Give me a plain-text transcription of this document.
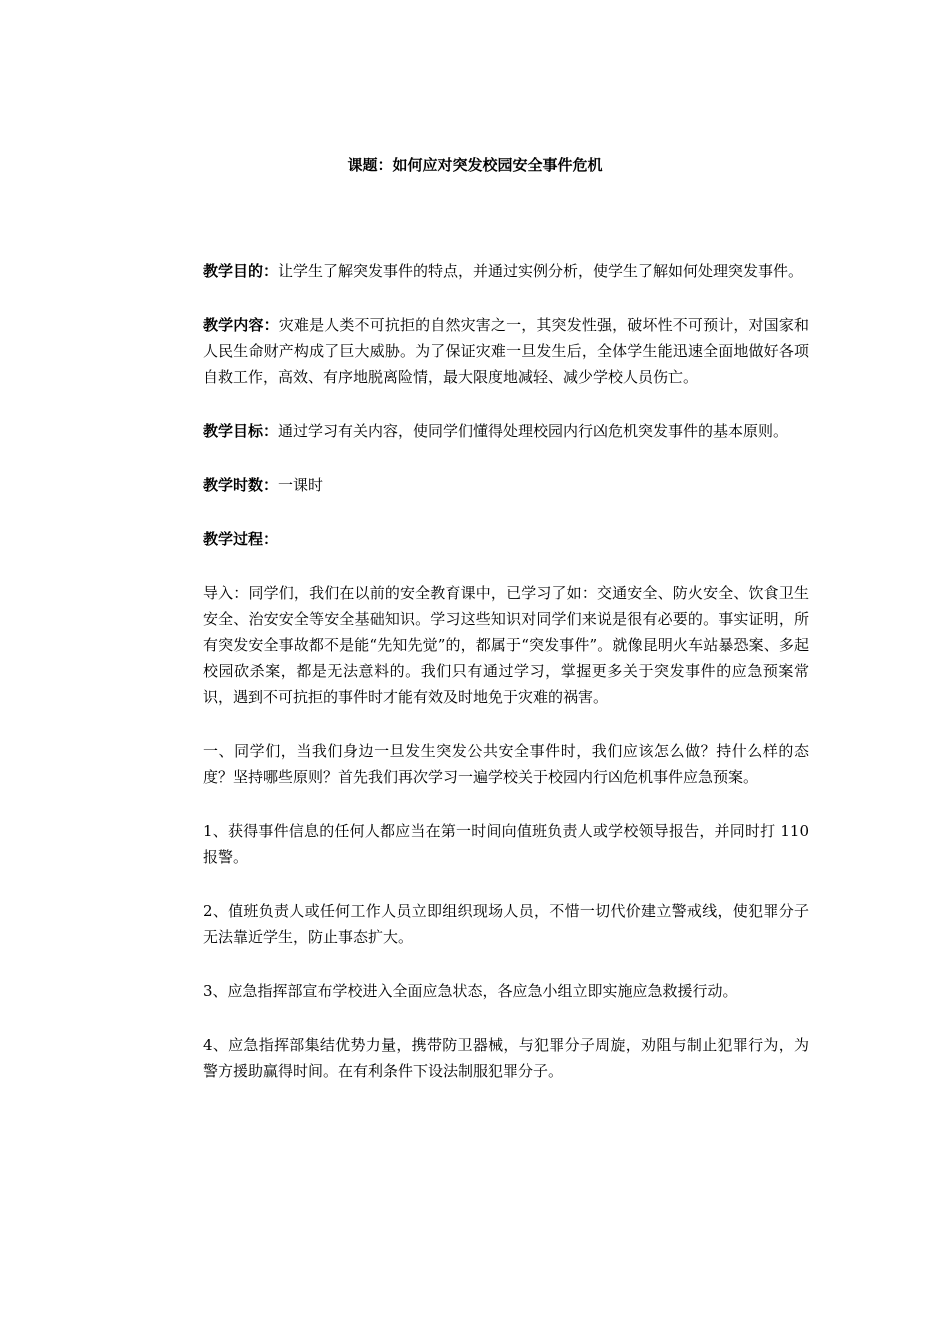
课题：如何应对突发校园安全事件危机

教学目的：让学生了解突发事件的特点，并通过实例分析，使学生了解如何处理突发事件。

教学内容：灾难是人类不可抗拒的自然灾害之一，其突发性强，破坏性不可预计，对国家和人民生命财产构成了巨大威胁。为了保证灾难一旦发生后，全体学生能迅速全面地做好各项自救工作，高效、有序地脱离险情，最大限度地减轻、减少学校人员伤亡。

教学目标：通过学习有关内容，使同学们懂得处理校园内行凶危机突发事件的基本原则。

教学时数：一课时

教学过程：

导入：同学们，我们在以前的安全教育课中，已学习了如：交通安全、防火安全、饮食卫生安全、治安安全等安全基础知识。学习这些知识对同学们来说是很有必要的。事实证明，所有突发安全事故都不是能“先知先觉”的，都属于“突发事件”。就像昆明火车站暴恐案、多起校园砍杀案，都是无法意料的。我们只有通过学习，掌握更多关于突发事件的应急预案常识，遇到不可抗拒的事件时才能有效及时地免于灾难的祸害。

一、同学们，当我们身边一旦发生突发公共安全事件时，我们应该怎么做？持什么样的态度？坚持哪些原则？首先我们再次学习一遍学校关于校园内行凶危机事件应急预案。

1、获得事件信息的任何人都应当在第一时间向值班负责人或学校领导报告，并同时打 110 报警。

2、值班负责人或任何工作人员立即组织现场人员，不惜一切代价建立警戒线，使犯罪分子无法靠近学生，防止事态扩大。

3、应急指挥部宣布学校进入全面应急状态，各应急小组立即实施应急救援行动。

4、应急指挥部集结优势力量，携带防卫器械，与犯罪分子周旋，劝阻与制止犯罪行为，为警方援助赢得时间。在有利条件下设法制服犯罪分子。
